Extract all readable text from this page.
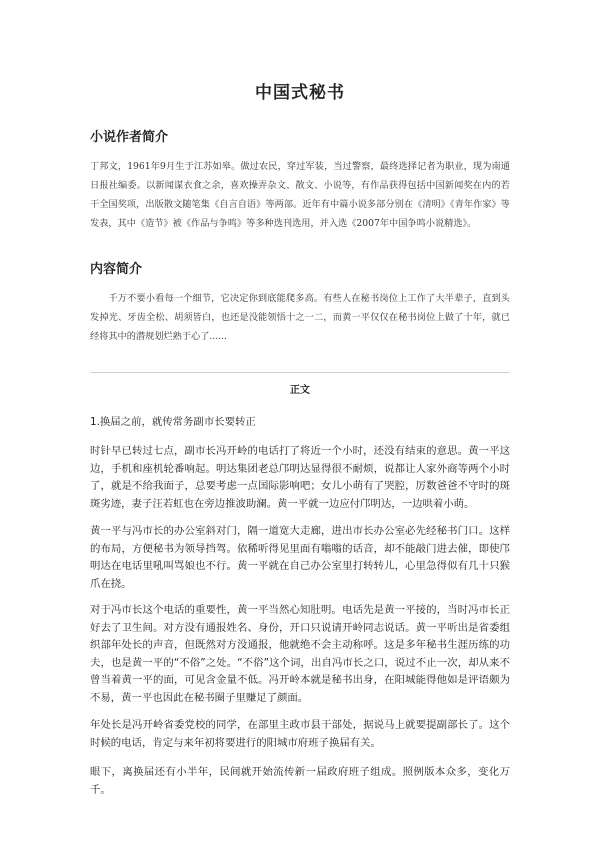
中国式秘书
小说作者简介

丁邦文，1961年9月生于江苏如皋。做过农民，穿过军装，当过警察，最终选择记者为职业，现为南通日报社编委。以新闻谋衣食之余，喜欢操弄杂文、散文、小说等，有作品获得包括中国新闻奖在内的若干全国奖项，出版散文随笔集《自言自语》等两部。近年有中篇小说多部分别在《清明》《青年作家》等发表，其中《造节》被《作品与争鸣》等多种选刊选用，并入选《2007年中国争鸣小说精选》。

内容简介

千万不要小看每一个细节，它决定你到底能爬多高。有些人在秘书岗位上工作了大半辈子，直到头发掉光、牙齿全松、胡须皆白，也还是没能领悟十之一二，而黄一平仅仅在秘书岗位上做了十年，就已经将其中的潜规划烂熟于心了......

正文

1.换届之前，就传常务副市长要转正

时针早已转过七点，副市长冯开岭的电话打了将近一个小时，还没有结束的意思。黄一平这边，手机和座机轮番响起。明达集团老总邝明达显得很不耐烦，说都让人家外商等两个小时了，就是不给我面子，总要考虑一点国际影响吧；女儿小萌有了哭腔，厉数爸爸不守时的斑斑劣迹，妻子汪若虹也在旁边推波助澜。黄一平就一边应付邝明达，一边哄着小萌。

黄一平与冯市长的办公室斜对门，隔一道宽大走廊，进出市长办公室必先经秘书门口。这样的布局，方便秘书为领导挡驾。依稀听得见里面有嗡嗡的话音，却不能敲门进去催，即使邝明达在电话里吼叫骂娘也不行。黄一平就在自己办公室里打转转儿，心里急得似有几十只猴爪在挠。

对于冯市长这个电话的重要性，黄一平当然心知肚明。电话先是黄一平接的，当时冯市长正好去了卫生间。对方没有通报姓名、身份，开口只说请开岭同志说话。黄一平听出是省委组织部年处长的声音，但既然对方没通报，他就绝不会主动称呼。这是多年秘书生涯历练的功夫，也是黄一平的“不俗”之处。“不俗”这个词，出自冯市长之口，说过不止一次，却从来不曾当着黄一平的面，可见含金量不低。冯开岭本就是秘书出身，在阳城能得他如是评语颇为不易，黄一平也因此在秘书圈子里赚足了颜面。

年处长是冯开岭省委党校的同学，在部里主政市县干部处，据说马上就要提副部长了。这个时候的电话，肯定与来年初将要进行的阳城市府班子换届有关。

眼下，离换届还有小半年，民间就开始流传新一届政府班子组成。照例版本众多，变化万千。
